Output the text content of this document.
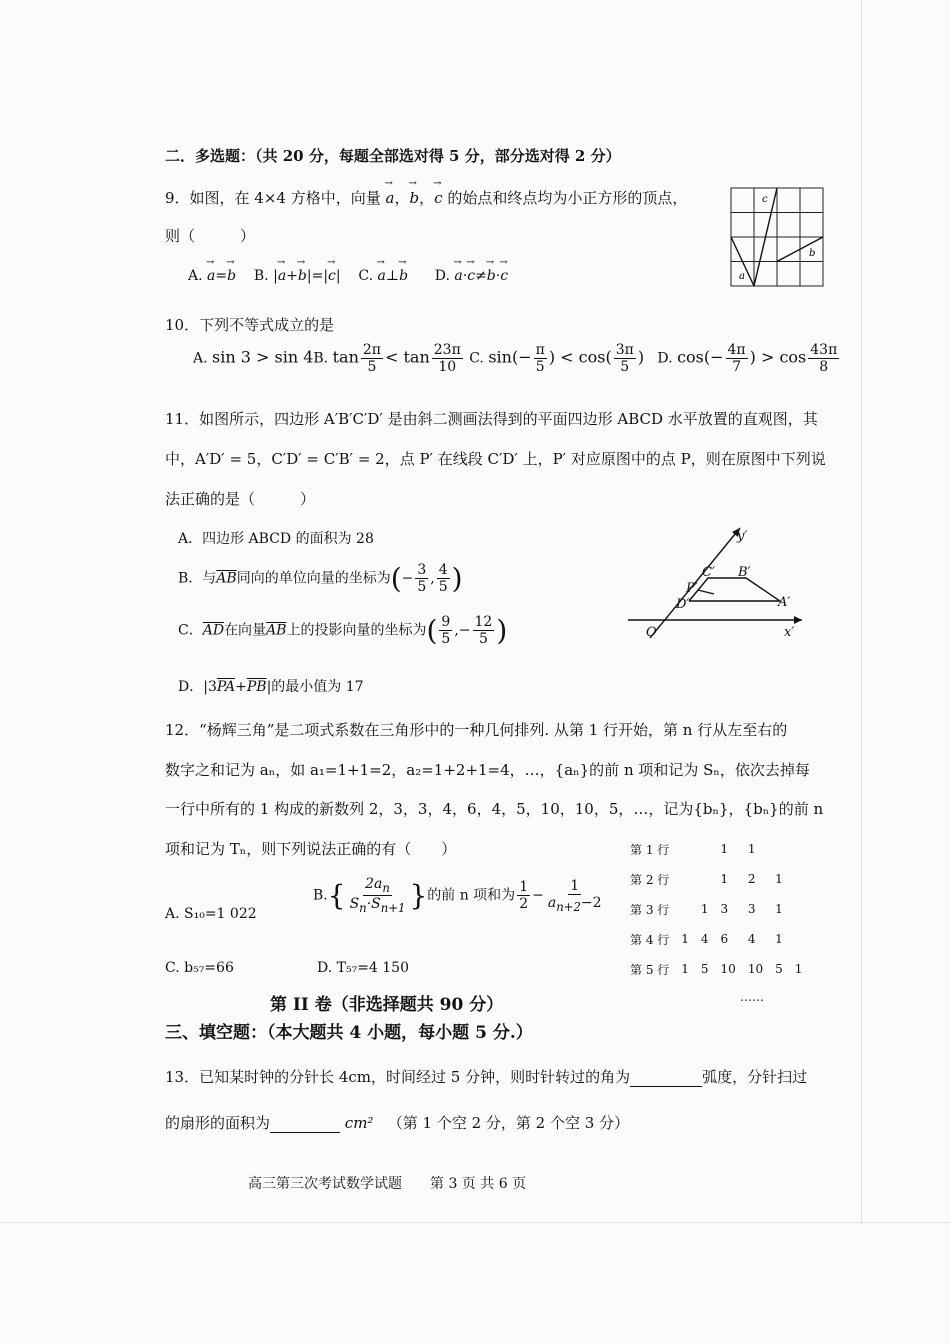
二．多选题：（共 20 分，每题全部选对得 5 分，部分选对得 2 分）
9．如图，在 4×4 方格中，向量 → a，→ b，→ c 的始点和终点均为小正方形的顶点，
则（　　　）
A. → a=→ b B. |→ a+→ b|=|→ c|    C. → a⊥→ b D. → a·→ c≠→ b·→ c	a
b
c
10．下列不等式成立的是
A. sin 3 > sin 4B. $\tan \frac{2\pi}{5} < \tan \frac{23\pi}{10} C$. $\sin(- \frac{\pi}{5}$ ) < $\cos( \frac{3\pi}{5}$ ) D. $\cos(- \frac{4\pi}{7}$ ) > $\cos \frac{43\pi}{8}$
11．如图所示，四边形 A′B′C′D′ 是由斜二测画法得到的平面四边形 ABCD 水平放置的直观图，其
中，A′D′ = 5，C′D′ = C′B′ = 2，点 P′ 在线段 C′D′ 上，P′ 对应原图中的点 P，则在原图中下列说
法正确的是（　　　）
A．四边形 ABCD 的面积为 28
B．与$\overline{AB}$同向的单位向量的坐标为(− $\frac{3}{5}$ , $\frac{4}{5}$ )
C．$\overline{AD}$在向量$\overline{AB}$上的投影向量的坐标为( $\frac{9}{5}$ ,− $\frac{12}{5}$ )
D．$|3\overline{PA}+\overline{PB}|$的最小值为 17
O′	x′
y′
C′ B′
A′
D′
P′
12．“杨辉三角”是二项式系数在三角形中的一种几何排列. 从第 1 行开始，第 n 行从左至右的
数字之和记为 aₙ，如 a₁=1+1=2，a₂=1+2+1=4，…，{aₙ}的前 n 项和记为 Sₙ，依次去掉每
一行中所有的 1 构成的新数列 2，3，3，4，6，4，5，10，10，5，…，记为{bₙ}，{bₙ}的前 n
项和记为 Tₙ，则下列说法正确的有（　　）
A. S₁₀=1 022
$B.\{ \frac{2a_n}{S_n\cdot S_{n+1}}$ }的前 n 项和为 $\frac{1}{2} - \frac{1}{a_{n+2}-2}$
C. b₅₇=66	D. T₅₇=4 150
第 1 行			1	1		
第 2 行			1	2	1	
第 3 行		1	3	3	1	
第 4 行	1	4	6	4	1	
第 5 行	1	5	10	10	5	1
……
第 II 卷（非选择题共 90 分）
三、填空题：（本大题共 4 小题，每小题 5 分.）
13．已知某时钟的分针长 4cm，时间经过 5 分钟，则时针转过的角为	弧度，分针扫过
的扇形的面积为	cm² （第 1 个空 2 分，第 2 个空 3 分）
高三第三次考试数学试题　　第 3 页 共 6 页
